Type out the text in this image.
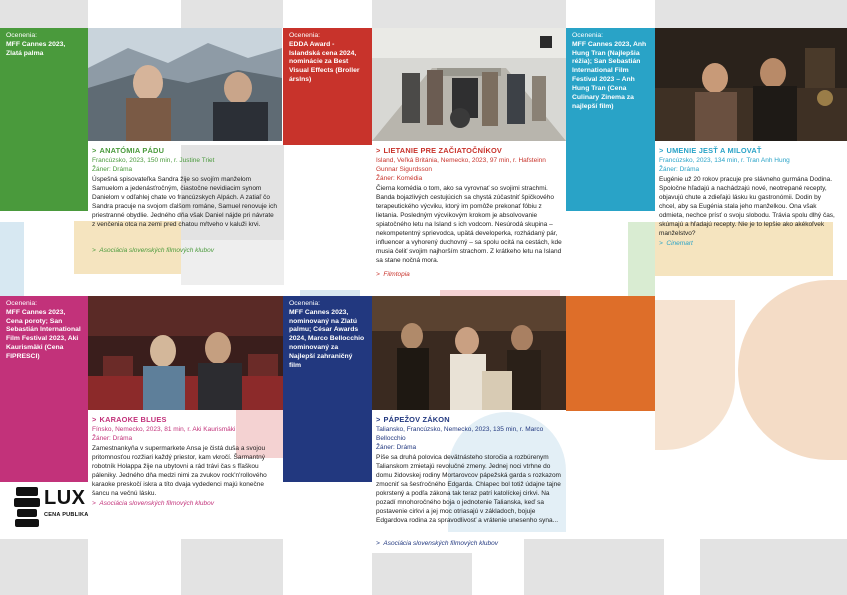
Ocenenia:
MFF Cannes 2023, Zlatá palma
> ANATÓMIA PÁDU
Francúzsko, 2023, 150 min, r. Justine Triet
Žáner: Dráma
Úspešná spisovateľka Sandra žije so svojím manželom Samuelom a jedenásťročným, čiastočne nevidiacim synom Danielom v odľahlej chate vo francúzskych Alpách. A zatiaľ čo Sandra pracuje na svojom ďalšom románe, Samuel renovuje ich priestranné obydlie. Jedného dňa však Daniel nájde pri návrate z venčenia otca na zemi pred chatou mŕtveho v kaluži krvi.
>  Asociácia slovenských filmových klubov
Ocenenia:
EDDA Award - Islandská cena 2024, nominácie za Best Visual Effects (Broller árslns)
> LIETANIE PRE ZAČIATOČNÍKOV
Island, Veľká Británia, Nemecko, 2023, 97 min, r. Hafsteinn Gunnar Sigurdsson
Žáner: Komédia
Čierna komédia o tom, ako sa vyrovnať so svojimi strachmi. Banda bojazlivých cestujúcich sa chystá zúčastniť špičkového terapeutického výcviku, ktorý im pomôže prekonať fóbiu z lietania. Posledným výcvikovým krokom je absolvovanie spiatočného letu na Island s ich vodcom. Nesúrodá skupina – nekompetentný sprievodca, upätá developerka, rozhádaný pár, influencer a vyhorený duchovný – sa spolu ocitá na cestách, kde musia čeliť svojim najhorším strachom. Z krátkeho letu na Island sa stane nočná mora.
>  Filmtopia
Ocenenia:
MFF Cannes 2023, Anh Hung Tran (Najlepšia réžia); San Sebastián International Film Festival 2023 – Anh Hung Tran (Cena Culinary Zinema za najlepší film)
> UMENIE JESŤ A MILOVAŤ
Francúzsko, 2023, 134 min, r. Tran Anh Hung
Žáner: Dráma
Eugénie už 20 rokov pracuje pre slávneho gurmána Dodina. Spoločne hľadajú a nachádzajú nové, neotrepané recepty, objavujú chute a zdieľajú lásku ku gastronómii. Dodin by chcel, aby sa Eugénia stala jeho manželkou. Ona však odmieta, nechce prísť o svoju slobodu. Trávia spolu dlhý čas, skúmajú a hľadajú recepty. Nie je to lepšie ako akékoľvek manželstvo?
>  Cinemart
Ocenenia:
MFF Cannes 2023, Cena poroty; San Sebastián International Film Festival 2023, Aki Kaurismäki (Cena FIPRESCI)
> KARAOKE BLUES
Fínsko, Nemecko, 2023, 81 min, r. Aki Kaurismäki
Žáner: Dráma
Zamestnankyňa v supermarkete Ansa je čistá duša a svojou pritomnosťou rozžiari každý priestor, kam vkročí. Šarmantný robotník Holappa žije na ubytovni a rád trávi čas s fľaškou páleniky. Jedného dňa medzi nimi za zvukov rock'n'rollového karaoke preskočí iskra a títo dvaja vydedenci majú konečne šancu na večnú lásku.
>  Asociácia slovenských filmových klubov
Ocenenia:
MFF Cannes 2023, nominovaný na Zlatú palmu; César Awards 2024, Marco Bellocchio nominovaný za Najlepší zahraničný film
> PÁPEŽOV ZÁKON
Taliansko, Francúzsko, Nemecko, 2023, 135 min, r. Marco Bellocchio
Žáner: Dráma
Píše sa druhá polovica devätnásteho storočia a rozbúrenym Talianskom zmietajú revolučné zmeny. Jednej noci vtrhne do domu židovskej rodiny Mortarovcov pápežská garda s rozkazom zmocniť sa šesťročného Edgarda. Chlapec bol totiž údajne tajne pokrstený a podľa zákona tak teraz patrí katolíckej cirkvi. Na pozadí mnohoročného boja o jednotenie Talianska, keď sa postavenie cirkvi a jej moc otriasajú v základoch, bojuje Edgardova rodina za spravodlivosť a vrátenie unesenho syna...
>  Asociácia slovenských filmových klubov
LUX
CENA PUBLIKA
